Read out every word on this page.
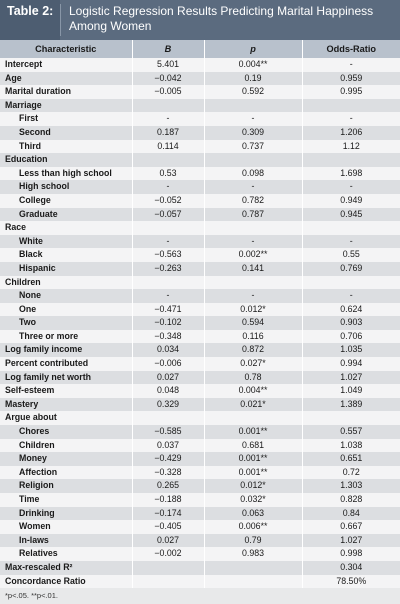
Table 2:	Logistic Regression Results Predicting Marital Happiness Among Women
Characteristic	B	p	Odds-Ratio
Intercept	5.401	0.004**	-
Age	−0.042	0.19	0.959
Marital duration	−0.005	0.592	0.995
Marriage			
First	-	-	-
Second	0.187	0.309	1.206
Third	0.114	0.737	1.12
Education			
Less than high school	0.53	0.098	1.698
High school	-	-	-
College	−0.052	0.782	0.949
Graduate	−0.057	0.787	0.945
Race			
White	-	-	-
Black	−0.563	0.002**	0.55
Hispanic	−0.263	0.141	0.769
Children			
None	-	-	-
One	−0.471	0.012*	0.624
Two	−0.102	0.594	0.903
Three or more	−0.348	0.116	0.706
Log family income	0.034	0.872	1.035
Percent contributed	−0.006	0.027*	0.994
Log family net worth	0.027	0.78	1.027
Self-esteem	0.048	0.004**	1.049
Mastery	0.329	0.021*	1.389
Argue about			
Chores	−0.585	0.001**	0.557
Children	0.037	0.681	1.038
Money	−0.429	0.001**	0.651
Affection	−0.328	0.001**	0.72
Religion	0.265	0.012*	1.303
Time	−0.188	0.032*	0.828
Drinking	−0.174	0.063	0.84
Women	−0.405	0.006**	0.667
In-laws	0.027	0.79	1.027
Relatives	−0.002	0.983	0.998
Max-rescaled R²			0.304
Concordance Ratio			78.50%
*p<.05. **p<.01.
